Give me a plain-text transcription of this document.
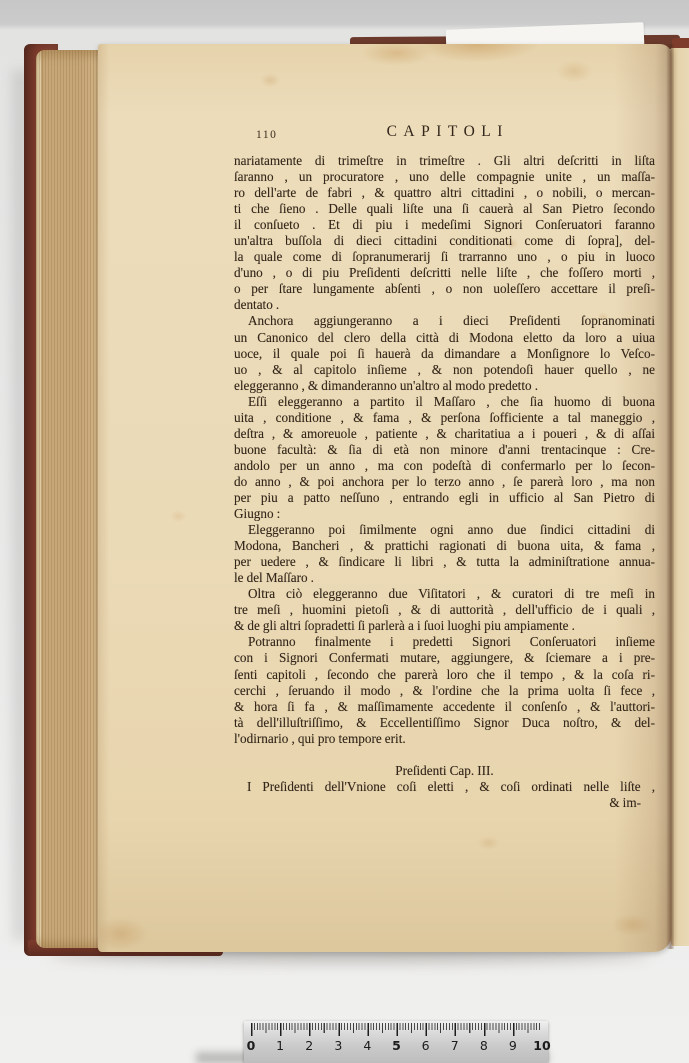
110	CAPITOLI
nariatamente di trimeſtre in trimeſtre . Gli altri deſcritti in liſta
ſaranno , un procuratore , uno delle compagnie unite , un maſſa-
ro dell'arte de fabri , & quattro altri cittadini , o nobili, o mercan-
ti che ſieno . Delle quali liſte una ſi cauerà al San Pietro ſecondo
il conſueto . Et di piu i medeſimi Signori Conſeruatori faranno
un'altra buſſola di dieci cittadini conditionati come di ſopra], del-
la quale come di ſopranumerarij ſi trarranno uno , o piu in luoco
d'uno , o di piu Preſidenti deſcritti nelle liſte , che foſſero morti ,
o per ſtare lungamente abſenti , o non uoleſſero accettare il preſi-
dentato .
Anchora aggiungeranno a i dieci Preſidenti ſopranominati
un Canonico del clero della città di Modona eletto da loro a uiua
uoce, il quale poi ſi hauerà da dimandare a Monſignore lo Veſco-
uo , & al capitolo inſieme , & non potendoſi hauer quello , ne
eleggeranno , & dimanderanno un'altro al modo predetto .
Eſſi eleggeranno a partito il Maſſaro , che ſia huomo di buona
uita , conditione , & fama , & perſona ſofficiente a tal maneggio ,
deſtra , & amoreuole , patiente , & charitatiua a i poueri , & di aſſai
buone facultà: & ſia di età non minore d'anni trentacinque : Cre-
andolo per un anno , ma con podeſtà di confermarlo per lo ſecon-
do anno , & poi anchora per lo terzo anno , ſe parerà loro , ma non
per piu a patto neſſuno , entrando egli in ufficio al San Pietro di
Giugno :
Eleggeranno poi ſimilmente ogni anno due ſindici cittadini di
Modona, Bancheri , & prattichi ragionati di buona uita, & fama ,
per uedere , & ſindicare li libri , & tutta la adminiſtratione annua-
le del Maſſaro .
Oltra ciò eleggeranno due Viſitatori , & curatori di tre meſi in
tre meſi , huomini pietoſi , & di auttorità , dell'ufficio de i quali ,
& de gli altri ſopradetti ſi parlerà a i ſuoi luoghi piu ampiamente .
Potranno finalmente i predetti Signori Conſeruatori inſieme
con i Signori Confermati mutare, aggiungere, & ſciemare a i pre-
ſenti capitoli , ſecondo che parerà loro che il tempo , & la coſa ri-
cerchi , ſeruando il modo , & l'ordine che la prima uolta ſi fece ,
& hora ſi fa , & maſſimamente accedente il conſenſo , & l'auttori-
tà dell'illuſtriſſimo, & Eccellentiſſimo Signor Duca noſtro, & del-
l'odirnario , qui pro tempore erit.
Preſidenti Cap. III.
I Preſidenti dell'Vnione coſi eletti , & coſi ordinati nelle liſte ,
& im-
0 1 2 3 4 5 6 7 8 9 10
